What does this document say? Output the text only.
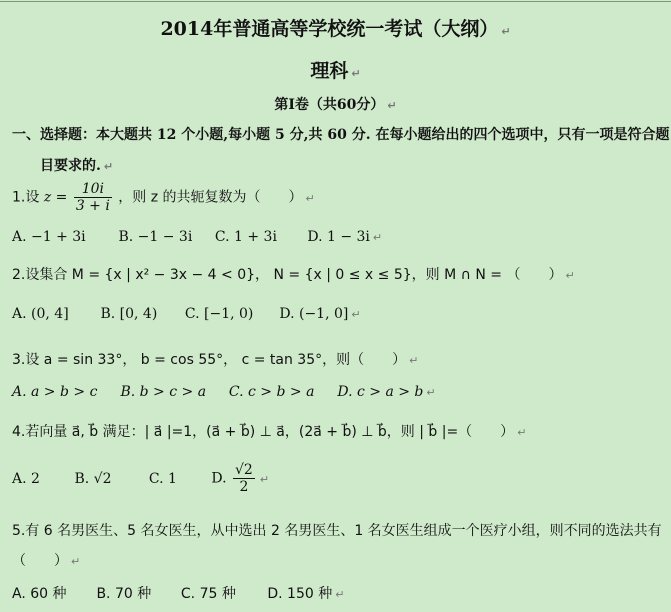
2014年普通高等学校统一考试（大纲） ↵
理科 ↵
第Ⅰ卷（共60分） ↵
一、选择题：本大题共 12 个小题,每小题 5 分,共 60 分. 在每小题给出的四个选项中，只有一项是符合题
目要求的. ↵
1.设 $z = \frac{10i}{3 + i}$ ，则 z 的共轭复数为（　　） ↵
A. −1 + 3i B. −1 − 3i C. 1 + 3i D. 1 − 3i ↵
2.设集合 M = {x | x² − 3x − 4 < 0}， N = {x | 0 ≤ x ≤ 5}，则 M ∩ N = （　　） ↵
A. (0, 4] B. [0, 4) C. [−1, 0) D. (−1, 0] ↵
3.设 a = sin 33°， b = cos 55°， c = tan 35°，则（　　） ↵
A. a > b > c B. b > c > a C. c > b > a D. c > a > b ↵
4.若向量 a⃗, b⃗ 满足：| a⃗ |=1，(a⃗ + b⃗) ⊥ a⃗，(2a⃗ + b⃗) ⊥ b⃗，则 | b⃗ |=（　　） ↵
A. 2 B. √2	C. 1 D. $\frac{√2}{2}$ ↵
5.有 6 名男医生、5 名女医生，从中选出 2 名男医生、1 名女医生组成一个医疗小组，则不同的选法共有
（　　） ↵
A. 60 种 B. 70 种 C. 75 种 D. 150 种 ↵
